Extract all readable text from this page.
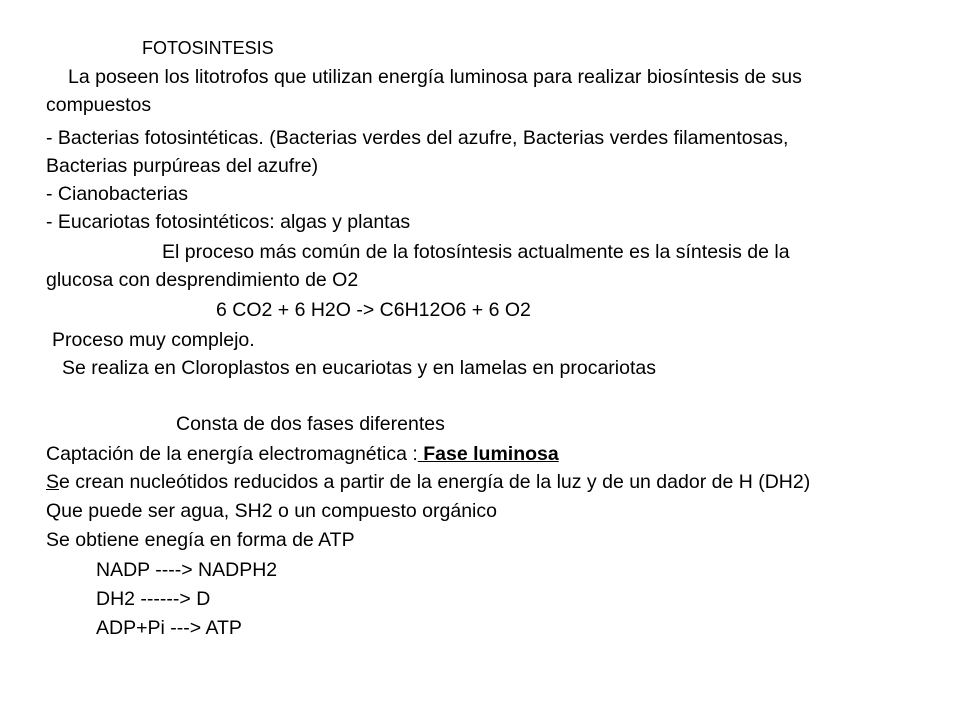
FOTOSINTESIS
La poseen los litotrofos que utilizan energía luminosa para realizar biosíntesis de sus
compuestos
- Bacterias fotosintéticas. (Bacterias verdes del azufre, Bacterias verdes filamentosas,
Bacterias purpúreas del azufre)
- Cianobacterias
- Eucariotas fotosintéticos: algas y plantas
El proceso más común de la fotosíntesis actualmente es la síntesis de la
glucosa con desprendimiento de O2
6 CO2 + 6 H2O -> C6H12O6 + 6 O2
Proceso muy complejo.
Se realiza en Cloroplastos en eucariotas y en lamelas en procariotas
Consta de dos fases diferentes
Captación de la energía electromagnética : Fase luminosa
Se crean nucleótidos reducidos a partir de la energía de la luz y de un dador de H (DH2)
Que puede ser agua, SH2 o un compuesto orgánico
Se obtiene enegía en forma de ATP
NADP ----> NADPH2
DH2 ------> D
ADP+Pi ---> ATP
